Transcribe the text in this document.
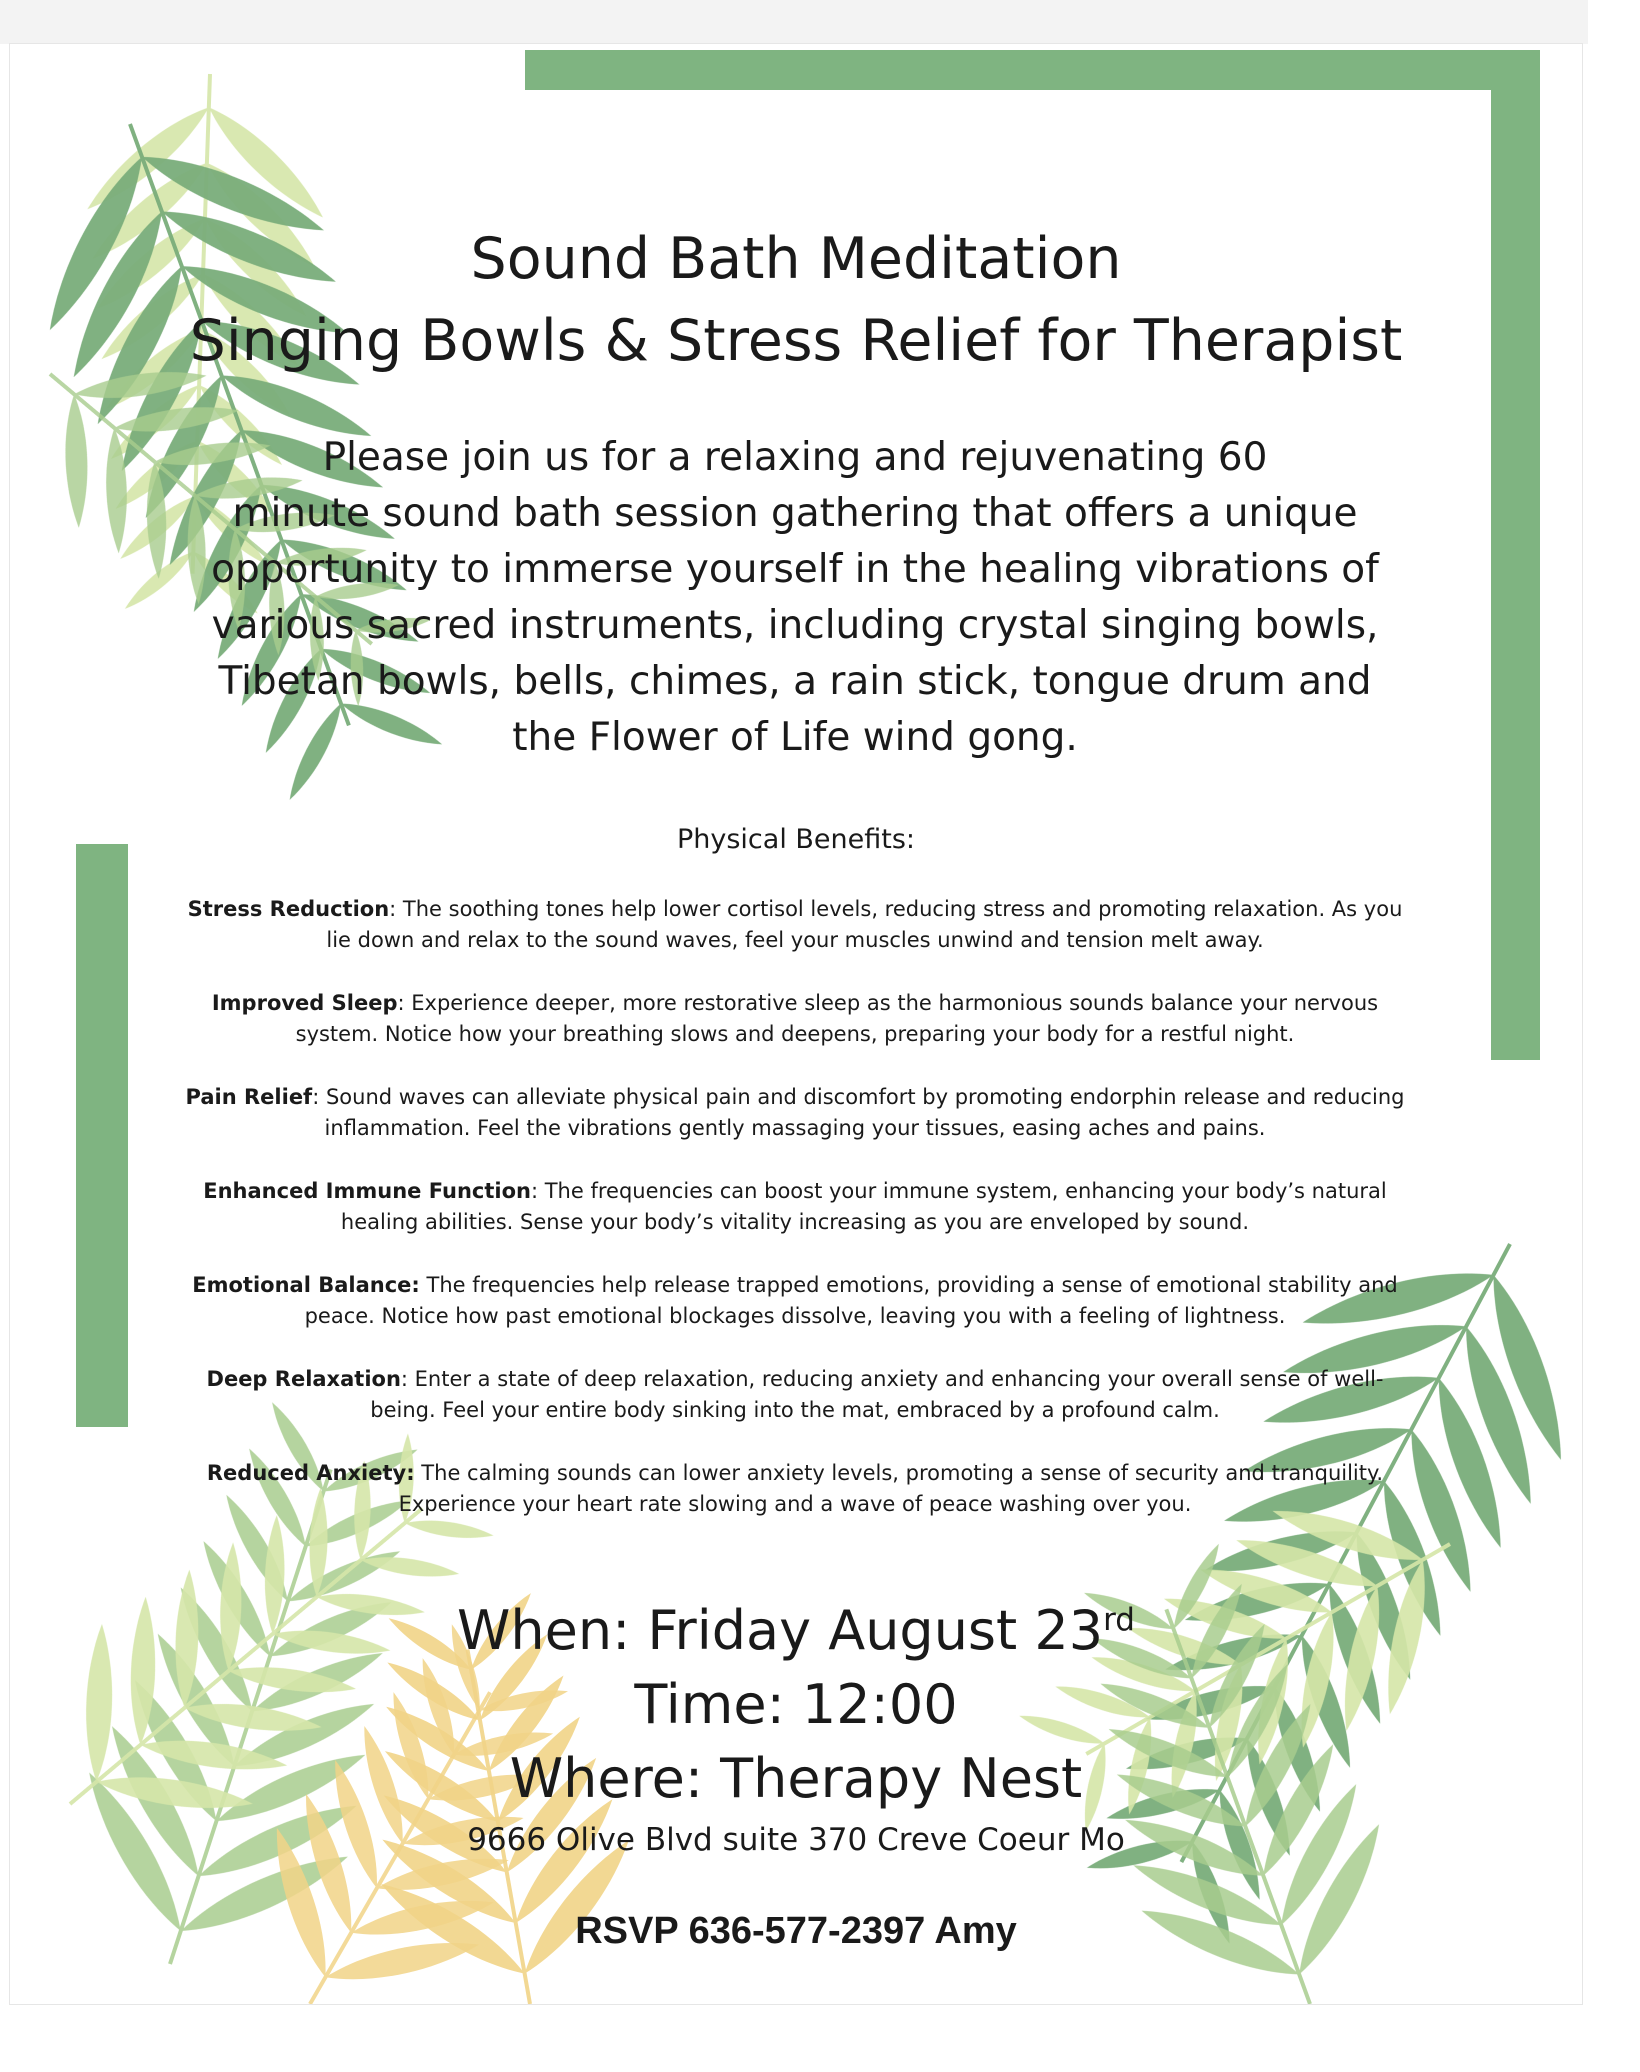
Sound Bath Meditation
Singing Bowls & Stress Relief for Therapist

Please join us for a relaxing and rejuvenating 60
minute sound bath session gathering that offers a unique
opportunity to immerse yourself in the healing vibrations of
various sacred instruments, including crystal singing bowls,
Tibetan bowls, bells, chimes, a rain stick, tongue drum and
the Flower of Life wind gong.

Physical Benefits:

Stress Reduction: The soothing tones help lower cortisol levels, reducing stress and promoting relaxation. As you lie down and relax to the sound waves, feel your muscles unwind and tension melt away.
Improved Sleep: Experience deeper, more restorative sleep as the harmonious sounds balance your nervous system. Notice how your breathing slows and deepens, preparing your body for a restful night.
Pain Relief: Sound waves can alleviate physical pain and discomfort by promoting endorphin release and reducing inflammation. Feel the vibrations gently massaging your tissues, easing aches and pains.
Enhanced Immune Function: The frequencies can boost your immune system, enhancing your body’s natural healing abilities. Sense your body’s vitality increasing as you are enveloped by sound.
Emotional Balance: The frequencies help release trapped emotions, providing a sense of emotional stability and peace. Notice how past emotional blockages dissolve, leaving you with a feeling of lightness.
Deep Relaxation: Enter a state of deep relaxation, reducing anxiety and enhancing your overall sense of well-being. Feel your entire body sinking into the mat, embraced by a profound calm.
Reduced Anxiety: The calming sounds can lower anxiety levels, promoting a sense of security and tranquility. Experience your heart rate slowing and a wave of peace washing over you.

When: Friday August 23rd

Time: 12:00

Where: Therapy Nest

9666 Olive Blvd suite 370 Creve Coeur Mo

RSVP 636-577-2397 Amy
